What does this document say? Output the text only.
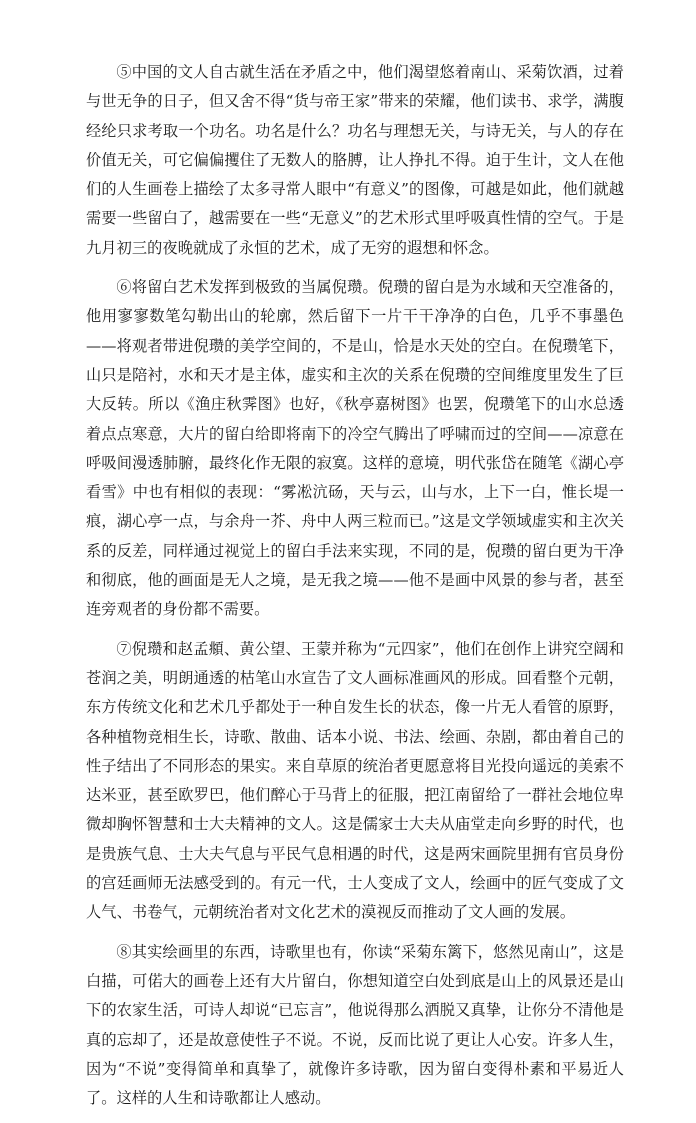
⑤中国的文人自古就生活在矛盾之中，他们渴望悠着南山、采菊饮酒，过着与世无争的日子，但又舍不得“货与帝王家”带来的荣耀，他们读书、求学，满腹经纶只求考取一个功名。功名是什么？功名与理想无关，与诗无关，与人的存在价值无关，可它偏偏攫住了无数人的胳膊，让人挣扎不得。迫于生计，文人在他们的人生画卷上描绘了太多寻常人眼中“有意义”的图像，可越是如此，他们就越需要一些留白了，越需要在一些“无意义”的艺术形式里呼吸真性情的空气。于是九月初三的夜晚就成了永恒的艺术，成了无穷的遐想和怀念。

⑥将留白艺术发挥到极致的当属倪瓒。倪瓒的留白是为水域和天空准备的，他用寥寥数笔勾勒出山的轮廓，然后留下一片干干净净的白色，几乎不事墨色——将观者带进倪瓒的美学空间的，不是山，恰是水天处的空白。在倪瓒笔下，山只是陪衬，水和天才是主体，虚实和主次的关系在倪瓒的空间维度里发生了巨大反转。所以《渔庄秋霁图》也好，《秋亭嘉树图》也罢，倪瓒笔下的山水总透着点点寒意，大片的留白给即将南下的冷空气腾出了呼啸而过的空间——凉意在呼吸间漫透肺腑，最终化作无限的寂寞。这样的意境，明代张岱在随笔《湖心亭看雪》中也有相似的表现：“雾凇沆砀，天与云，山与水，上下一白，惟长堤一痕，湖心亭一点，与余舟一芥、舟中人两三粒而已。”这是文学领域虚实和主次关系的反差，同样通过视觉上的留白手法来实现，不同的是，倪瓒的留白更为干净和彻底，他的画面是无人之境，是无我之境——他不是画中风景的参与者，甚至连旁观者的身份都不需要。

⑦倪瓒和赵孟頫、黄公望、王蒙并称为“元四家”，他们在创作上讲究空阔和苍润之美，明朗通透的枯笔山水宣告了文人画标准画风的形成。回看整个元朝，东方传统文化和艺术几乎都处于一种自发生长的状态，像一片无人看管的原野，各种植物竞相生长，诗歌、散曲、话本小说、书法、绘画、杂剧，都由着自己的性子结出了不同形态的果实。来自草原的统治者更愿意将目光投向遥远的美索不达米亚，甚至欧罗巴，他们醉心于马背上的征服，把江南留给了一群社会地位卑微却胸怀智慧和士大夫精神的文人。这是儒家士大夫从庙堂走向乡野的时代，也是贵族气息、士大夫气息与平民气息相遇的时代，这是两宋画院里拥有官员身份的宫廷画师无法感受到的。有元一代，士人变成了文人，绘画中的匠气变成了文人气、书卷气，元朝统治者对文化艺术的漠视反而推动了文人画的发展。

⑧其实绘画里的东西，诗歌里也有，你读“采菊东篱下，悠然见南山”，这是白描，可偌大的画卷上还有大片留白，你想知道空白处到底是山上的风景还是山下的农家生活，可诗人却说“已忘言”，他说得那么洒脱又真挚，让你分不清他是真的忘却了，还是故意使性子不说。不说，反而比说了更让人心安。许多人生，因为“不说”变得简单和真挚了，就像许多诗歌，因为留白变得朴素和平易近人了。这样的人生和诗歌都让人感动。
